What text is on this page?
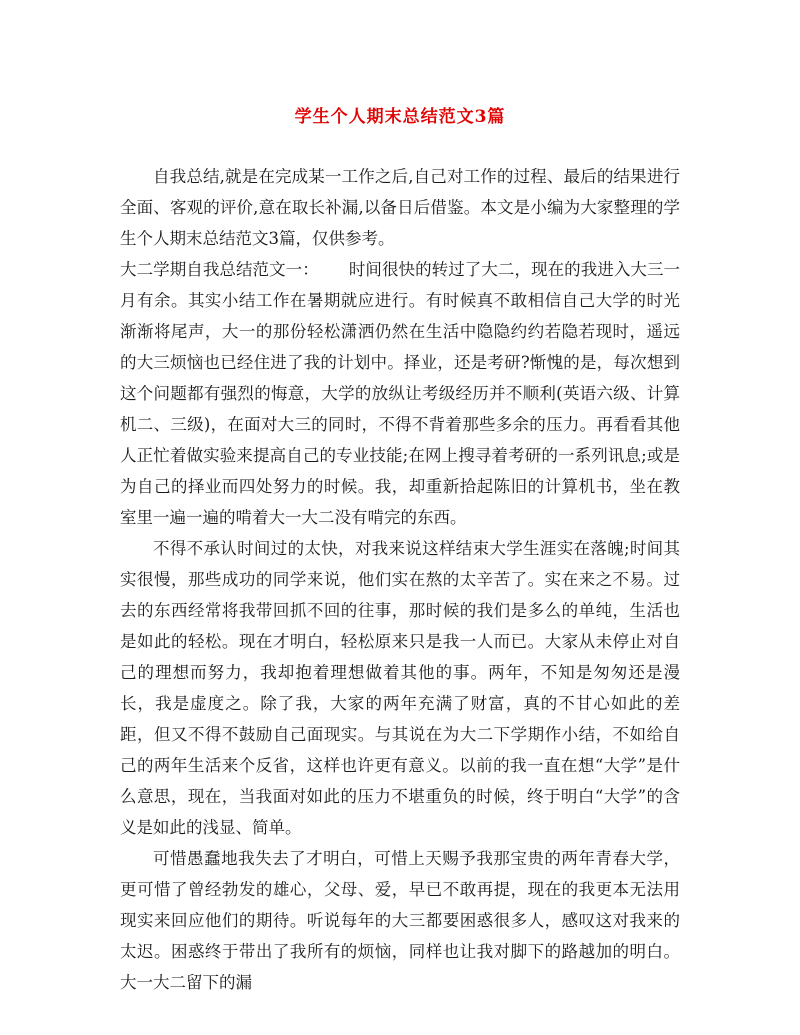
学生个人期末总结范文3篇

自我总结,就是在完成某一工作之后,自己对工作的过程、最后的结果进行全面、客观的评价,意在取长补漏,以备日后借鉴。本文是小编为大家整理的学生个人期末总结范文3篇，仅供参考。

大二学期自我总结范文一： 时间很快的转过了大二，现在的我进入大三一月有余。其实小结工作在暑期就应进行。有时候真不敢相信自己大学的时光渐渐将尾声，大一的那份轻松潇洒仍然在生活中隐隐约约若隐若现时，遥远的大三烦恼也已经住进了我的计划中。择业，还是考研?惭愧的是，每次想到这个问题都有强烈的悔意，大学的放纵让考级经历并不顺利(英语六级、计算机二、三级)，在面对大三的同时，不得不背着那些多余的压力。再看看其他人正忙着做实验来提高自己的专业技能;在网上搜寻着考研的一系列讯息;或是为自己的择业而四处努力的时候。我，却重新拾起陈旧的计算机书，坐在教室里一遍一遍的啃着大一大二没有啃完的东西。

不得不承认时间过的太快，对我来说这样结束大学生涯实在落魄;时间其实很慢，那些成功的同学来说，他们实在熬的太辛苦了。实在来之不易。过去的东西经常将我带回抓不回的往事，那时候的我们是多么的单纯，生活也是如此的轻松。现在才明白，轻松原来只是我一人而已。大家从未停止对自己的理想而努力，我却抱着理想做着其他的事。两年，不知是匆匆还是漫长，我是虚度之。除了我，大家的两年充满了财富，真的不甘心如此的差距，但又不得不鼓励自己面现实。与其说在为大二下学期作小结，不如给自己的两年生活来个反省，这样也许更有意义。以前的我一直在想“大学”是什么意思，现在，当我面对如此的压力不堪重负的时候，终于明白“大学”的含义是如此的浅显、简单。

可惜愚蠢地我失去了才明白，可惜上天赐予我那宝贵的两年青春大学，更可惜了曾经勃发的雄心，父母、爱，早已不敢再提，现在的我更本无法用现实来回应他们的期待。听说每年的大三都要困惑很多人，感叹这对我来的太迟。困惑终于带出了我所有的烦恼，同样也让我对脚下的路越加的明白。大一大二留下的漏
